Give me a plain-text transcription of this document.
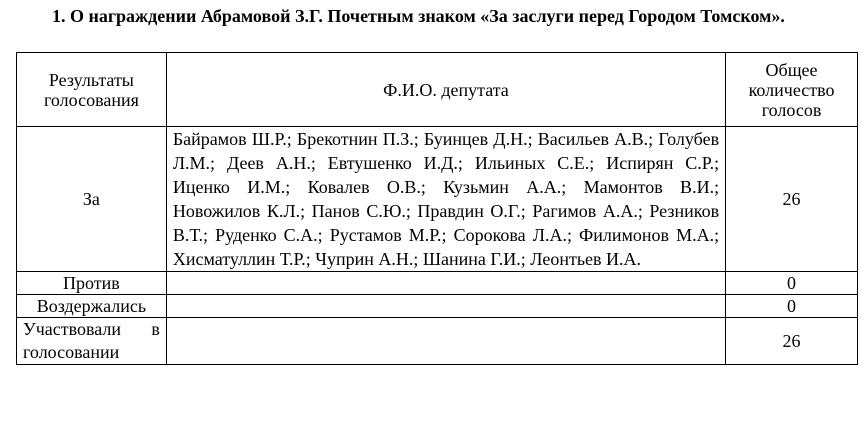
1. О награждении Абрамовой З.Г. Почетным знаком «За заслуги перед Городом Томском».

Результаты голосования	Ф.И.О. депутата	Общее количество голосов
За	Байрамов Ш.Р.; Брекотнин П.З.; Буинцев Д.Н.; Васильев А.В.; Голубев Л.М.; Деев А.Н.; Евтушенко И.Д.; Ильиных С.Е.; Испирян С.Р.; Иценко И.М.; Ковалев О.В.; Кузьмин А.А.; Мамонтов В.И.; Новожилов К.Л.; Панов С.Ю.; Правдин О.Г.; Рагимов А.А.; Резников В.Т.; Руденко С.А.; Рустамов М.Р.; Сорокова Л.А.; Филимонов М.А.; Хисматуллин Т.Р.; Чуприн А.Н.; Шанина Г.И.; Леонтьев И.А.	26
Против		0
Воздержались		0
Участвовали в голосовании		26
